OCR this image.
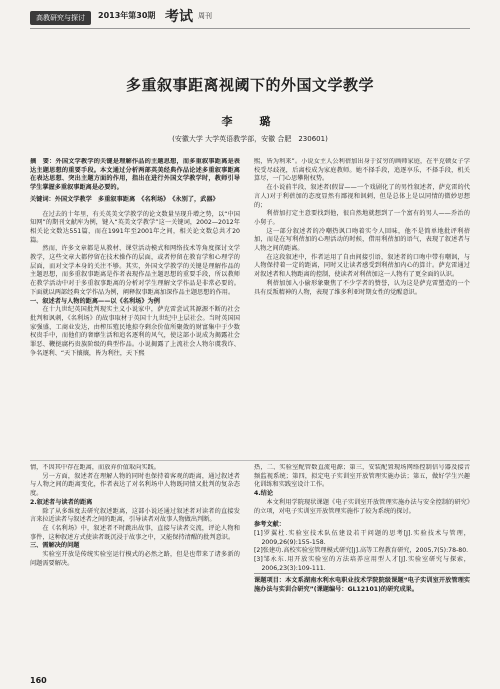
高教研究与探讨	2013年第30期 考试 周刊
多重叙事距离视阈下的外国文学教学
李　璐
(安徽大学 大学英语教学部，安徽 合肥　230601)

摘　要：外国文学教学的关键是理解作品的主题思想，而多重叙事距离是表达主题思想的重要手段。本文通过分析两部英美经典作品论述多重叙事距离在表达思想、突出主题方面的作用，指出在进行外国文学教学时，教师引导学生掌握多重叙事距离是必要的。

关键词：外国文学教学　多重叙事距离　《名利场》　《永别了，武器》

在过去的十年里，有关英美文学教学的论文数量呈现升增之势，以“中国知网”的期刊文献库为例，键入“英美文学教学”这一关键词，2002—2012年相关论文数达551篇，而在1991年至2001年之间，相关论文数总共才20篇。

然而，许多文章都是从教材、课堂活动模式和网络技术等角度探讨文学教学，这些文章大都停留在技术操作的层面，或者停留在教育学和心理学的层面，而对文学本身的关注不够。其实，外国文学教学的关键是理解作品的主题思想，而多重叙事距离是作者表现作品主题思想的重要手段，所以教师在教学活动中对于多重叙事距离的分析对学生理解文学作品是非常必要的。下面就以两部经典文学作品为例，阐释叙事距离加深作品主题思想的作用。

一、叙述者与人物的距离——以《名利场》为例

在十九世纪英国批判现实主义小说家中，萨克雷尝试其源源不断的社会批判和讽刺，《名利场》的故事取材于英国十九世纪中上层社会。当时英国国家强盛，工商业发达，由榨压殖民地掠夺剩余价值所聚敛的财富集中于少数权贵手中，而他们的奢靡生活和追名逐利的风气，使这部小说成为揭露社会罪恶、鞭挞腐朽贵族阶级的典型作品。小说揭露了上流社会人物尔虞我诈、争名逐利、“天下攘攘，皆为利往，天下熙

熙，皆为利来”。小说女主人公利蓓加出身于贫穷的画师家庭，在平克顿女子学校受尽歧视，后离校成为家庭教师。她不择手段，追逐享乐，不择手段，机关算尽，一门心思攀附权势。

在小说前半段，叙述者(假冒——一个戏剧化了的男性叙述者，萨克雷的代言人)对于利蓓加的态度显然有鄙视和讽刺，但是总体上是以同情的微妙思想的；

利蓓加打定主意要找到他，很自然地就想到了一个富有的男人——乔治的小舅子。

这一部分叙述者的冷嘲热讽口吻着实令人回味，他不是简单地批评利蓓加，而是在写利蓓加的心理活动的时候，借用利蓓加的语气，表现了叙述者与人物之间的距离。

在这段叙述中，作者运用了自由间接引语，叙述者的口吻中带有嘲讽，与人物保持着一定的距离，同时又让读者感受到利蓓加内心的算计。萨克雷通过对叙述者和人物距离的控制，使读者对利蓓加这一人物有了更全面的认识。

利蓓加加入小偷形象聚焦了不少学者的赞誉，认为这是萨克雷塑造的一个具有反叛精神的人物，表现了维多利亚时期女性的觉醒意识。

情，不因其中存在距离，而放弃价值取向实践。

另一方面，叙述者在理解人物的同时也保持着客观的距离，通过叙述者与人物之间的距离变化，作者表达了对名利场中人物既同情又批判的复杂态度。

2.叙述者与读者的距离

除了从多维度去研究叙述距离，这部小说还通过叙述者对读者的直接发言来拉近读者与叙述者之间的距离，引导读者对故事人物做出判断。

在《名利场》中，叙述者不时跳出故事，直接与读者交流，评论人物和事件，这种叙述方式使读者既沉浸于故事之中，又能保持清醒的批判意识。

三、需解决的问题

实验室开放是传统实验室运行模式的必然之路，但是也带来了诸多新的问题需要解决。

热，二、实验室配管数直流电源；第三，安装配置现场网络控制信号器及接音频监视系统；第四，拟定电子实训室开放管理实施办法；第五，做好学生兴趣化训练和实践室设计工作。

4.结论

本文利用学院现状课题《电子实训室开放管理实施办法与安全控制的研究》的立项，对电子实训室开放管理实施作了较为系统的探讨。

参考文献：

[1]罗翼杜.实验室技术队伍建设若干问题的思考[J].实验技术与管理，2009,26(9):155-158.

[2]张建功.高校实验室管理模式研究[J].高等工程教育研究，2005,7(5):78-80.

[3]邹永东.用开放实验室的方法培养应用型人才[J].实验室研究与探索，2006,23(3):109-111.

课题项目：本文系湖南水利水电职业技术学院院级课题“电子实训室开放管理实施办法与实训合研究”(课题编号：GL12101)的研究成果。

160
